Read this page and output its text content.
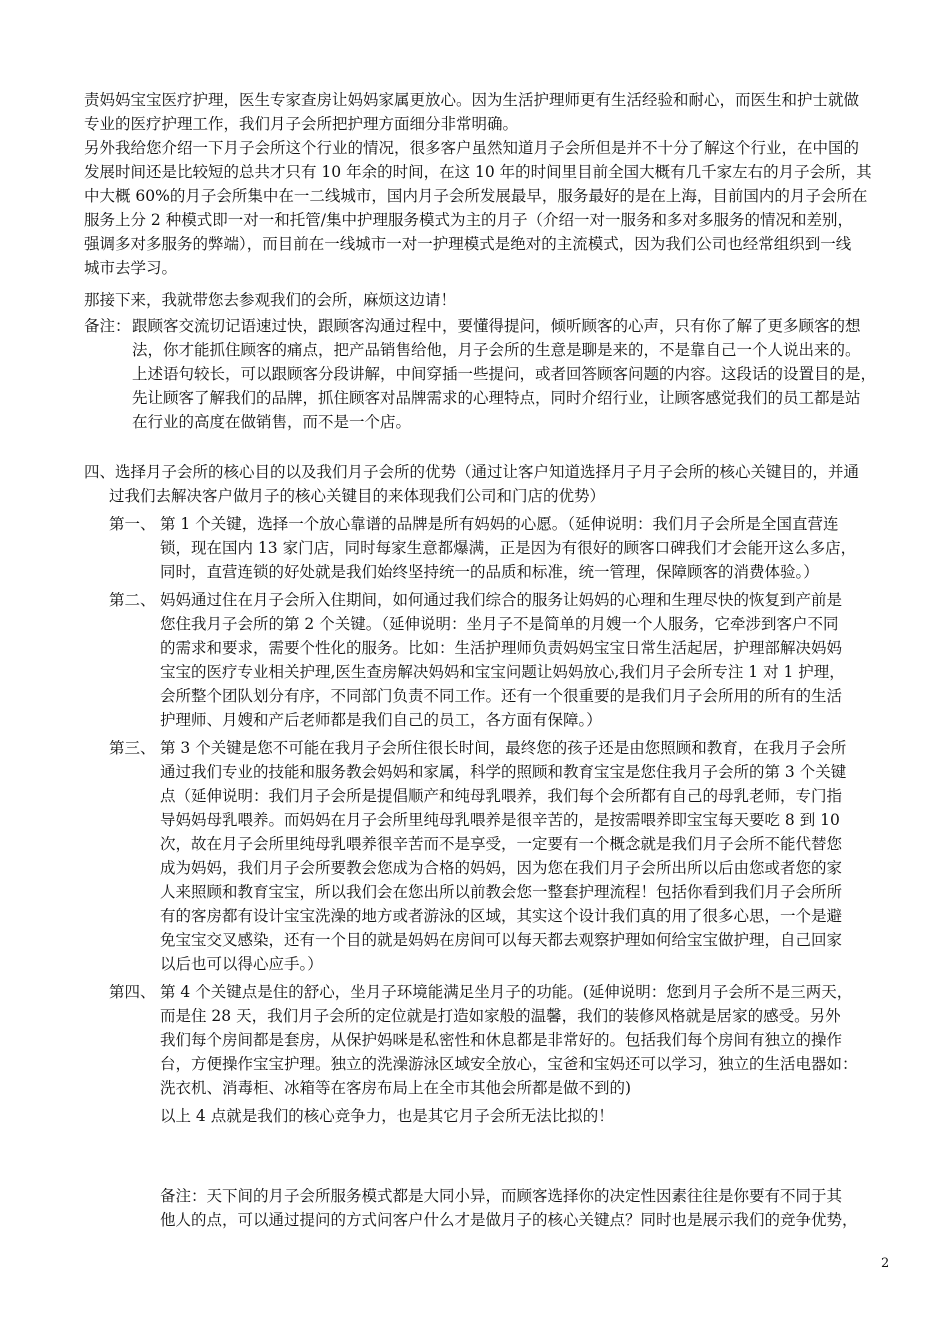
责妈妈宝宝医疗护理，医生专家查房让妈妈家属更放心。因为生活护理师更有生活经验和耐心，而医生和护士就做
专业的医疗护理工作，我们月子会所把护理方面细分非常明确。
另外我给您介绍一下月子会所这个行业的情况，很多客户虽然知道月子会所但是并不十分了解这个行业，在中国的
发展时间还是比较短的总共才只有 10 年余的时间，在这 10 年的时间里目前全国大概有几千家左右的月子会所，其
中大概 60%的月子会所集中在一二线城市，国内月子会所发展最早，服务最好的是在上海，目前国内的月子会所在
服务上分 2 种模式即一对一和托管/集中护理服务模式为主的月子（介绍一对一服务和多对多服务的情况和差别，
强调多对多服务的弊端），而目前在一线城市一对一护理模式是绝对的主流模式，因为我们公司也经常组织到一线
城市去学习。
那接下来，我就带您去参观我们的会所，麻烦这边请！
备注： 跟顾客交流切记语速过快，跟顾客沟通过程中，要懂得提问，倾听顾客的心声，只有你了解了更多顾客的想
法，你才能抓住顾客的痛点，把产品销售给他，月子会所的生意是聊是来的，不是靠自己一个人说出来的。
上述语句较长，可以跟顾客分段讲解，中间穿插一些提问，或者回答顾客问题的内容。这段话的设置目的是，
先让顾客了解我们的品牌，抓住顾客对品牌需求的心理特点，同时介绍行业，让顾客感觉我们的员工都是站
在行业的高度在做销售，而不是一个店。
四、选择月子会所的核心目的以及我们月子会所的优势（通过让客户知道选择月子月子会所的核心关键目的，并通
过我们去解决客户做月子的核心关键目的来体现我们公司和门店的优势）
第一、 第 1 个关键，选择一个放心靠谱的品牌是所有妈妈的心愿。（延伸说明：我们月子会所是全国直营连
锁，现在国内 13 家门店，同时每家生意都爆满，正是因为有很好的顾客口碑我们才会能开这么多店，
同时，直营连锁的好处就是我们始终坚持统一的品质和标准，统一管理，保障顾客的消费体验。）
第二、 妈妈通过住在月子会所入住期间，如何通过我们综合的服务让妈妈的心理和生理尽快的恢复到产前是
您住我月子会所的第 2 个关键。（延伸说明：坐月子不是简单的月嫂一个人服务，它牵涉到客户不同
的需求和要求，需要个性化的服务。比如：生活护理师负责妈妈宝宝日常生活起居，护理部解决妈妈
宝宝的医疗专业相关护理,医生查房解决妈妈和宝宝问题让妈妈放心,我们月子会所专注 1 对 1 护理，
会所整个团队划分有序，不同部门负责不同工作。还有一个很重要的是我们月子会所用的所有的生活
护理师、月嫂和产后老师都是我们自己的员工，各方面有保障。）
第三、 第 3 个关键是您不可能在我月子会所住很长时间，最终您的孩子还是由您照顾和教育，在我月子会所
通过我们专业的技能和服务教会妈妈和家属，科学的照顾和教育宝宝是您住我月子会所的第 3 个关键
点（延伸说明：我们月子会所是提倡顺产和纯母乳喂养，我们每个会所都有自己的母乳老师，专门指
导妈妈母乳喂养。而妈妈在月子会所里纯母乳喂养是很辛苦的，是按需喂养即宝宝每天要吃 8 到 10
次，故在月子会所里纯母乳喂养很辛苦而不是享受，一定要有一个概念就是我们月子会所不能代替您
成为妈妈，我们月子会所要教会您成为合格的妈妈，因为您在我们月子会所出所以后由您或者您的家
人来照顾和教育宝宝，所以我们会在您出所以前教会您一整套护理流程！包括你看到我们月子会所所
有的客房都有设计宝宝洗澡的地方或者游泳的区域，其实这个设计我们真的用了很多心思，一个是避
免宝宝交叉感染，还有一个目的就是妈妈在房间可以每天都去观察护理如何给宝宝做护理，自己回家
以后也可以得心应手。）
第四、 第 4 个关键点是住的舒心，坐月子环境能满足坐月子的功能。(延伸说明：您到月子会所不是三两天，
而是住 28 天，我们月子会所的定位就是打造如家般的温馨，我们的装修风格就是居家的感受。另外
我们每个房间都是套房，从保护妈咪是私密性和休息都是非常好的。包括我们每个房间有独立的操作
台，方便操作宝宝护理。独立的洗澡游泳区域安全放心，宝爸和宝妈还可以学习，独立的生活电器如：
洗衣机、消毒柜、冰箱等在客房布局上在全市其他会所都是做不到的)
以上 4 点就是我们的核心竞争力，也是其它月子会所无法比拟的！
备注：天下间的月子会所服务模式都是大同小异，而顾客选择你的决定性因素往往是你要有不同于其
他人的点，可以通过提问的方式问客户什么才是做月子的核心关键点？同时也是展示我们的竞争优势，
2
